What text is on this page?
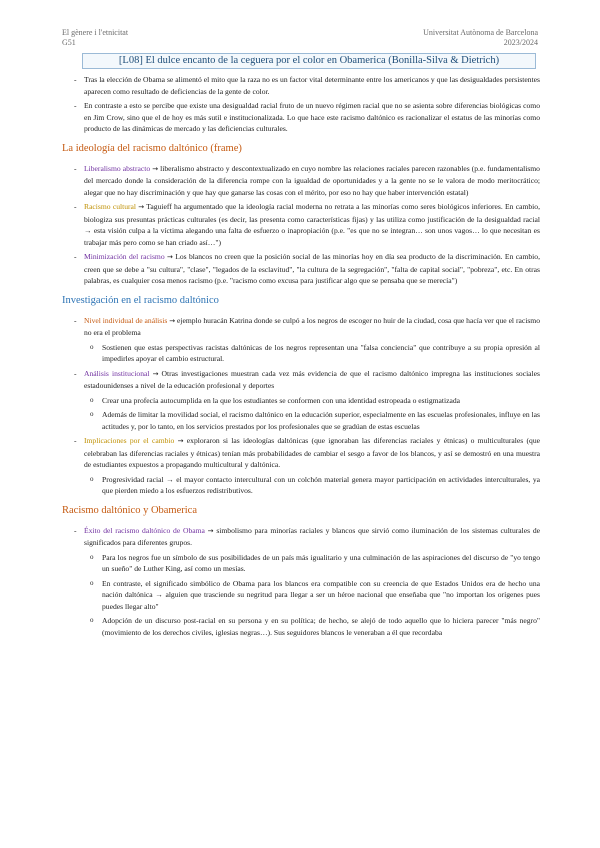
El gènere i l'etnicitat
G51
Universitat Autònoma de Barcelona
2023/2024
[L08] El dulce encanto de la ceguera por el color en Obamerica (Bonilla-Silva & Dietrich)

- Tras la elección de Obama se alimentó el mito que la raza no es un factor vital determinante entre los americanos y que las desigualdades persistentes aparecen como resultado de deficiencias de la gente de color.

- En contraste a esto se percibe que existe una desigualdad racial fruto de un nuevo régimen racial que no se asienta sobre diferencias biológicas como en Jim Crow, sino que el de hoy es más sutil e institucionalizada. Lo que hace este racismo daltónico es racionalizar el estatus de las minorías como producto de las dinámicas de mercado y las deficiencias culturales.

La ideología del racismo daltónico (frame)

- Liberalismo abstracto → liberalismo abstracto y descontextualizado en cuyo nombre las relaciones raciales parecen razonables (p.e. fundamentalismo del mercado donde la consideración de la diferencia rompe con la igualdad de oportunidades y a la gente no se le valora de modo meritocrático; alegar que no hay discriminación y que hay que ganarse las cosas con el mérito, por eso no hay que haber intervención estatal)

- Racismo cultural → Taguieff ha argumentado que la ideología racial moderna no retrata a las minorías como seres biológicos inferiores. En cambio, biologiza sus presuntas prácticas culturales (es decir, las presenta como características fijas) y las utiliza como justificación de la desigualdad racial → esta visión culpa a la víctima alegando una falta de esfuerzo o inapropiación (p.e. "es que no se integran… son unos vagos… lo que necesitan es trabajar más pero como se han criado así…")

- Minimización del racismo → Los blancos no creen que la posición social de las minorías hoy en día sea producto de la discriminación. En cambio, creen que se debe a "su cultura", "clase", "legados de la esclavitud", "la cultura de la segregación", "falta de capital social", "pobreza", etc. En otras palabras, es cualquier cosa menos racismo (p.e. "racismo como excusa para justificar algo que se pensaba que se merecía")

Investigación en el racismo daltónico

- Nivel individual de análisis → ejemplo huracán Katrina donde se culpó a los negros de escoger no huir de la ciudad, cosa que hacía ver que el racismo no era el problema

o Sostienen que estas perspectivas racistas daltónicas de los negros representan una "falsa conciencia" que contribuye a su propia opresión al impedirles apoyar el cambio estructural.

- Análisis institucional → Otras investigaciones muestran cada vez más evidencia de que el racismo daltónico impregna las instituciones sociales estadounidenses a nivel de la educación profesional y deportes

o Crear una profecía autocumplida en la que los estudiantes se conformen con una identidad estropeada o estigmatizada

o Además de limitar la movilidad social, el racismo daltónico en la educación superior, especialmente en las escuelas profesionales, influye en las actitudes y, por lo tanto, en los servicios prestados por los profesionales que se gradúan de estas escuelas

- Implicaciones por el cambio → exploraron si las ideologías daltónicas (que ignoraban las diferencias raciales y étnicas) o multiculturales (que celebraban las diferencias raciales y étnicas) tenían más probabilidades de cambiar el sesgo a favor de los blancos, y así se demostró en una muestra de estudiantes expuestos a propagando multicultural y daltónica.

o Progresividad racial → el mayor contacto intercultural con un colchón material genera mayor participación en actividades interculturales, ya que pierden miedo a los esfuerzos redistributivos.

Racismo daltónico y Obamerica

- Éxito del racismo daltónico de Obama → simbolismo para minorías raciales y blancos que sirvió como iluminación de los sistemas culturales de significados para diferentes grupos.

o Para los negros fue un símbolo de sus posibilidades de un país más igualitario y una culminación de las aspiraciones del discurso de "yo tengo un sueño" de Luther King, así como un mesías.

o En contraste, el significado simbólico de Obama para los blancos era compatible con su creencia de que Estados Unidos era de hecho una nación daltónica → alguien que trasciende su negritud para llegar a ser un héroe nacional que enseñaba que "no importan los orígenes pues puedes llegar alto"

o Adopción de un discurso post-racial en su persona y en su política; de hecho, se alejó de todo aquello que lo hiciera parecer "más negro" (movimiento de los derechos civiles, iglesias negras…). Sus seguidores blancos le veneraban a él que recordaba
